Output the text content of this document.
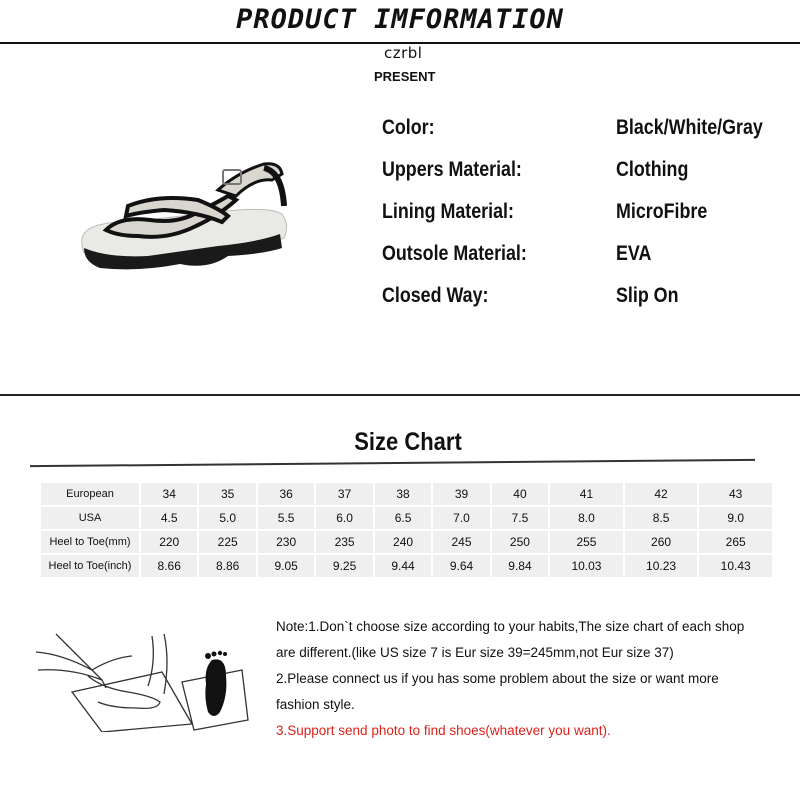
PRODUCT IMFORMATION
czrbl
PRESENT
Color:	Black/White/Gray
Uppers Material:	Clothing
Lining Material:	MicroFibre
Outsole Material:	EVA
Closed Way:	Slip On
Size Chart
European	34	35	36	37	38	39	40	41	42	43
USA	4.5	5.0	5.5	6.0	6.5	7.0	7.5	8.0	8.5	9.0
Heel to Toe(mm)	220	225	230	235	240	245	250	255	260	265
Heel to Toe(inch)	8.66	8.86	9.05	9.25	9.44	9.64	9.84	10.03	10.23	10.43

Note:1.Don`t choose size according to your habits,The size chart of each shop are different.(like US size 7 is Eur size 39=245mm,not Eur size 37)

2.Please connect us if you has some problem about the size or want more fashion style.

3.Support send photo to find shoes(whatever you want).
